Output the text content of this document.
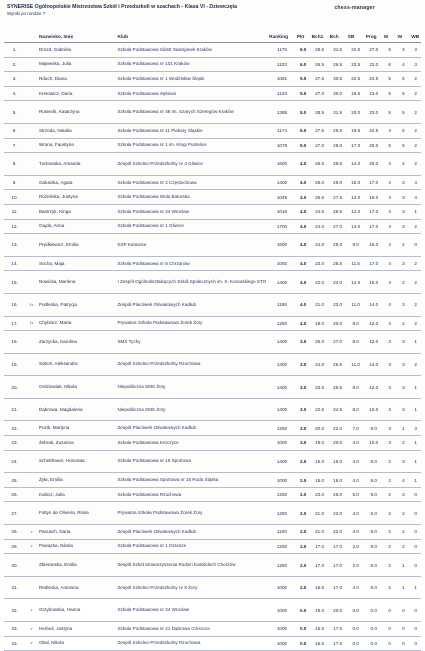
SYNERISE Ogólnopolskie Mistrzostwa Szkół i Przedszkoli w szachach - Klasa VI - Dziewczęta
Wyniki po rundzie 7
chess-manager
		Nazwisko, Imię	Klub	Ranking	Pkt	Bch1	Bch	SB	Prog	W	W	WB
1.		Drozd, Gabriela	Szkoła Podstawowa Sióstr Salezjanek Kraków	1176	6.0	28.5	31.5	22.5	27.0	6	4	3
2.		Majewska, Julia	Szkoła Podstawowa nr 101 Kraków	1103	6.0	26.5	26.5	23.5	22.0	6	4	3
3.		Rduch, Diana	Szkoła Podstawowa nr 1 Wodzisław Śląski	1081	5.5	27.5	30.5	22.5	24.5	5	5	2
4.		Kretowicz, Daria	Szkoła Podstawowa Sękowo	1133	5.5	27.0	30.0	18.5	23.0	5	5	2
5.		Rusiecki, Katarzyna	Szkoła Podstawowa nr 48 im. Szarych Szeregów Kraków	1385	5.0	28.5	31.5	20.0	23.0	5	5	2
6.		Strzoda, Natalia	Szkoła Podstawowa nr 11 Piekary Śląskie	1174	5.0	27.5	29.5	19.5	22.5	4	5	2
7.		Wrona, Faustyna	Szkoła Podstawowa nr 1 im. Kingi Pustelice	1079	5.0	27.0	29.0	17.0	20.0	5	5	2
8.		Turkowska, Amanda	Zespół Szkolno-Przedszkolny nr 4 Gliwice	1600	4.0	26.5	29.5	14.0	20.0	4	4	2
9.		Galuszka, Agata	Szkoła Podstawowa nr 2 Częstochowa	1400	4.0	26.0	29.0	15.0	17.0	4	3	4
10.		Różeńska, Justyna	Szkoła Podstawowa Wola Batorska	1049	4.0	25.5	27.5	12.0	19.0	4	3	4
11.		Bastrzyk, Kinga	Szkoła Podstawowa nr 24 Wrocław	1016	4.0	24.5	26.5	12.0	17.0	4	3	1
12.		Gajda, Anna	Szkoła Podstawowa nr 1 Gliwice	1700	4.0	24.0	27.0	13.0	17.0	4	3	2
13.		Prędkiewicz, Emilia	KSP Katowice	1600	4.0	24.0	25.0	9.0	16.0	4	4	0
14.		Socha, Maja	Szkoła Podstawowa nr 8 Chrzanów	1092	4.0	23.0	25.5	11.5	17.0	4	3	2
15.		Nowicka, Marlena	I Zespół Ogólnokształcących Szkół Społecznych im. S. Konarskiego STO	1400	4.0	22.0	24.0	12.0	16.0	4	2	2
16.	1v	Podleska, Patrycja	Zespół Placówek Oświatowych Kadłub	1185	4.0	21.0	23.0	11.0	14.0	4	3	2
17.	1v	Chybiorz, Marta	Prywatna Szkoła Podstawowa Żorek Żory	1250	4.0	19.0	20.0	8.0	12.0	4	2	2
18.		Zarzycka, Karolina	SMS Tychy	1400	3.5	25.0	27.0	8.0	12.0	3	3	1
19.		Soboń, Aleksandra	Zespół Szkolno-Przedszkolny Rzuchowa	1400	3.0	24.0	25.5	11.0	14.0	3	3	2
20.		Ordziowiak, Nikola	Niepubliczna SMS Żory	1400	3.0	23.5	25.5	9.0	12.0	3	3	1
21.		Dąbrowa, Magdalena	Niepubliczna SMS Żory	1400	3.0	22.5	24.5	8.0	10.0	3	3	1
22.		Puzik, Martyna	Zespół Placówek Oświatowych Kadłub	1250	3.0	20.0	22.0	7.0	9.0	3	1	3
23.		Żebrak, Zuzanna	Szkoła Podstawowa Kroczyce	1000	3.0	19.0	20.0	4.0	10.0	3	2	1
24.		Scheithauer, Honorata	Szkoła Podstawowa nr 15 Sportowa	1400	2.5	15.0	16.0	4.0	8.0	2	3	1
25.		Żyła, Emilia	Szkoła Podstawowa Sportowa nr 15 Ruda Śląska	1000	2.5	15.0	16.0	4.0	8.0	2	4	1
26.		Kubicz, Julia	Szkoła Podstawowa Rzuchowa	1250	2.0	23.0	25.0	5.0	8.0	2	3	0
27.		Foltyn de Oliveira, Rissa	Prywatna Szkoła Podstawowa Żorek Żory	1250	2.0	21.0	22.0	4.0	6.0	2	2	0
28.	v	Panusch, Daria	Zespół Placówek Oświatowych Kadłub	1100	2.0	21.0	22.0	4.0	9.0	2	2	0
29.	v	Powązka, Nikola	Szkoła Podstawowa nr 1 Orzesze	1250	2.0	17.0	17.0	2.0	8.0	2	2	0
30.		Zbieranska, Emilia	Zespół Szkół Stowarzyszenia Rodzin Katolickich Chorzów	1250	2.0	17.0	17.0	2.0	6.0	2	1	0
31.		Redlecka, Antonina	Zespół Szkolno-Przedszkolny nr 8 Żory	1000	2.0	16.5	17.0	4.0	8.0	2	1	1
32.	v	Grzybowska, Hanna	Szkoła Podstawowa nr 24 Wrocław	1000	0.0	19.0	20.0	0.0	0.0	0	0	0
33.	v	Herbuś, Justyna	Szkoła Podstawowa nr 21 Dąbrowa Górnicza	1000	0.0	16.5	17.5	0.0	0.0	0	0	0
33.	v	Obal, Nikola	Zespół Szkolno-Przedszkolny Rzuchowa	1000	0.0	16.5	17.5	0.0	0.0	0	0	0
